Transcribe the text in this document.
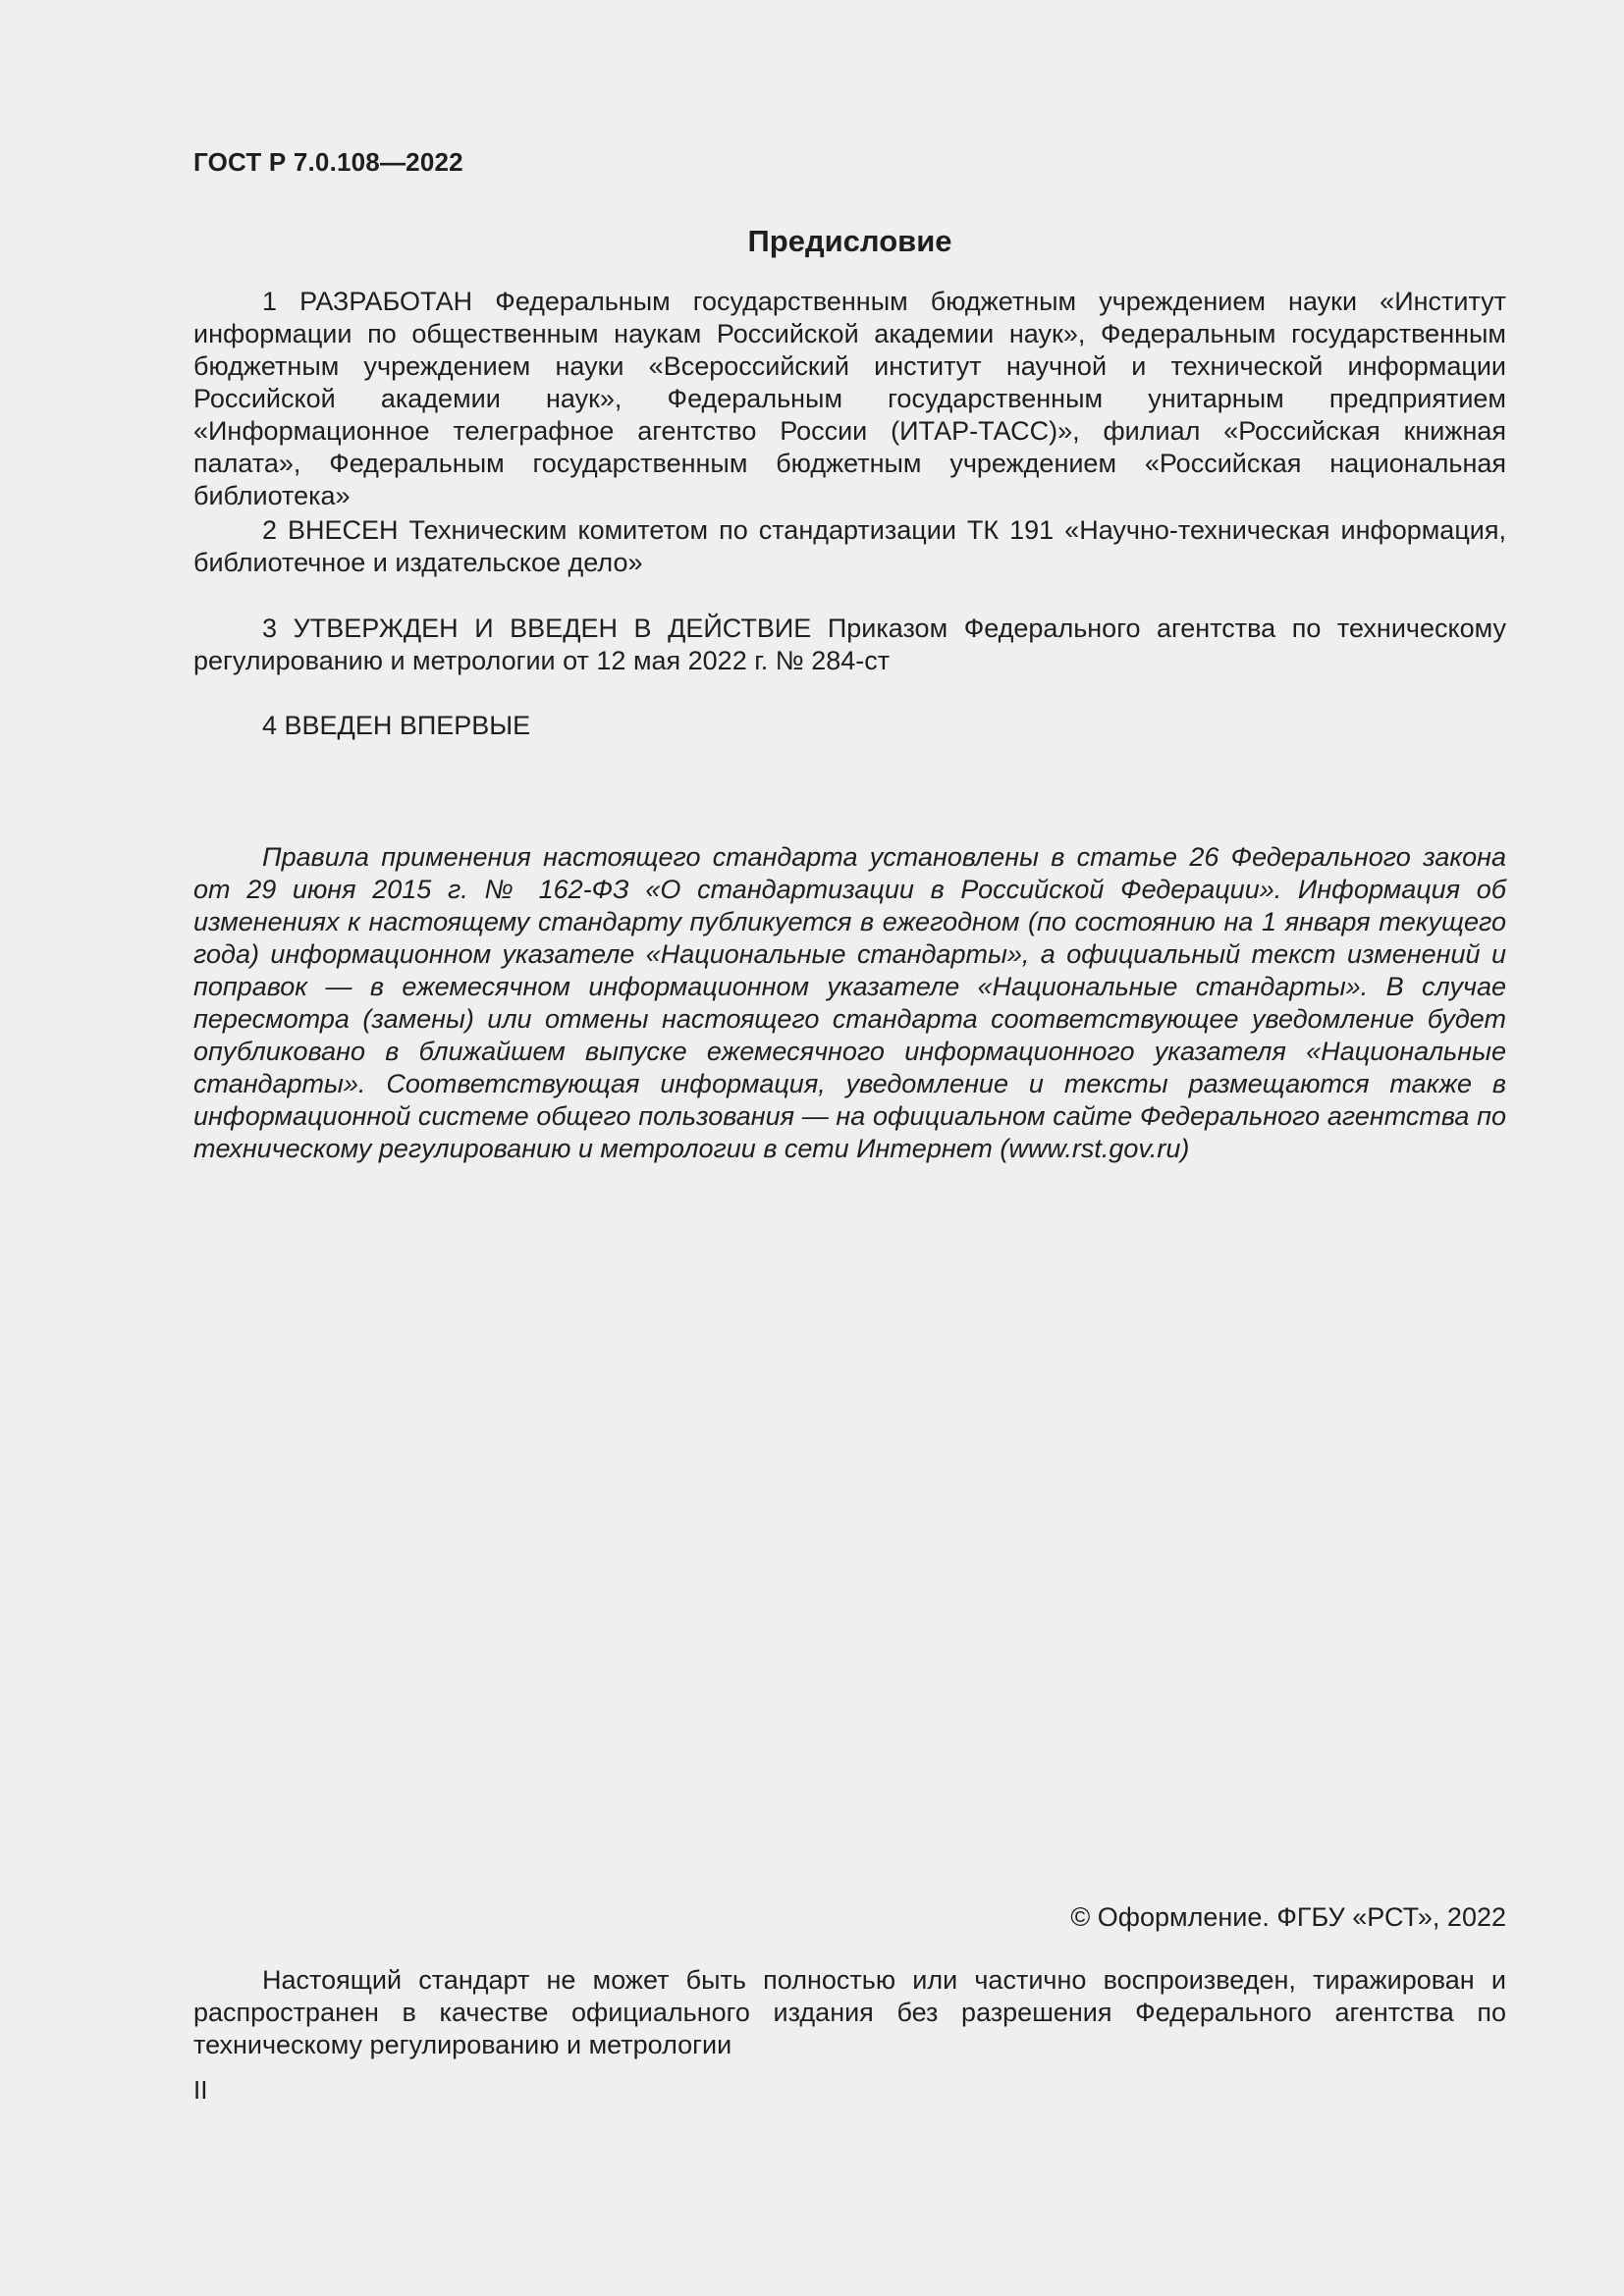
ГОСТ Р 7.0.108—2022
Предисловие

1 РАЗРАБОТАН Федеральным государственным бюджетным учреждением науки «Институт информации по общественным наукам Российской академии наук», Федеральным государственным бюджетным учреждением науки «Всероссийский институт научной и технической информации Российской академии наук», Федеральным государственным унитарным предприятием «Информационное телеграфное агентство России (ИТАР-ТАСС)», филиал «Российская книжная палата», Федеральным государственным бюджетным учреждением «Российская национальная библиотека»

2 ВНЕСЕН Техническим комитетом по стандартизации ТК 191 «Научно-техническая информация, библиотечное и издательское дело»

3 УТВЕРЖДЕН И ВВЕДЕН В ДЕЙСТВИЕ Приказом Федерального агентства по техническому регулированию и метрологии от 12 мая 2022 г. № 284-ст

4 ВВЕДЕН ВПЕРВЫЕ

Правила применения настоящего стандарта установлены в статье 26 Федерального закона от 29 июня 2015 г. № 162-ФЗ «О стандартизации в Российской Федерации». Информация об изменениях к настоящему стандарту публикуется в ежегодном (по состоянию на 1 января текущего года) информационном указателе «Национальные стандарты», а официальный текст изменений и поправок — в ежемесячном информационном указателе «Национальные стандарты». В случае пересмотра (замены) или отмены настоящего стандарта соответствующее уведомление будет опубликовано в ближайшем выпуске ежемесячного информационного указателя «Национальные стандарты». Соответствующая информация, уведомление и тексты размещаются также в информационной системе общего пользования — на официальном сайте Федерального агентства по техническому регулированию и метрологии в сети Интернет (www.rst.gov.ru)

© Оформление. ФГБУ «РСТ», 2022

Настоящий стандарт не может быть полностью или частично воспроизведен, тиражирован и распространен в качестве официального издания без разрешения Федерального агентства по техническому регулированию и метрологии

II
